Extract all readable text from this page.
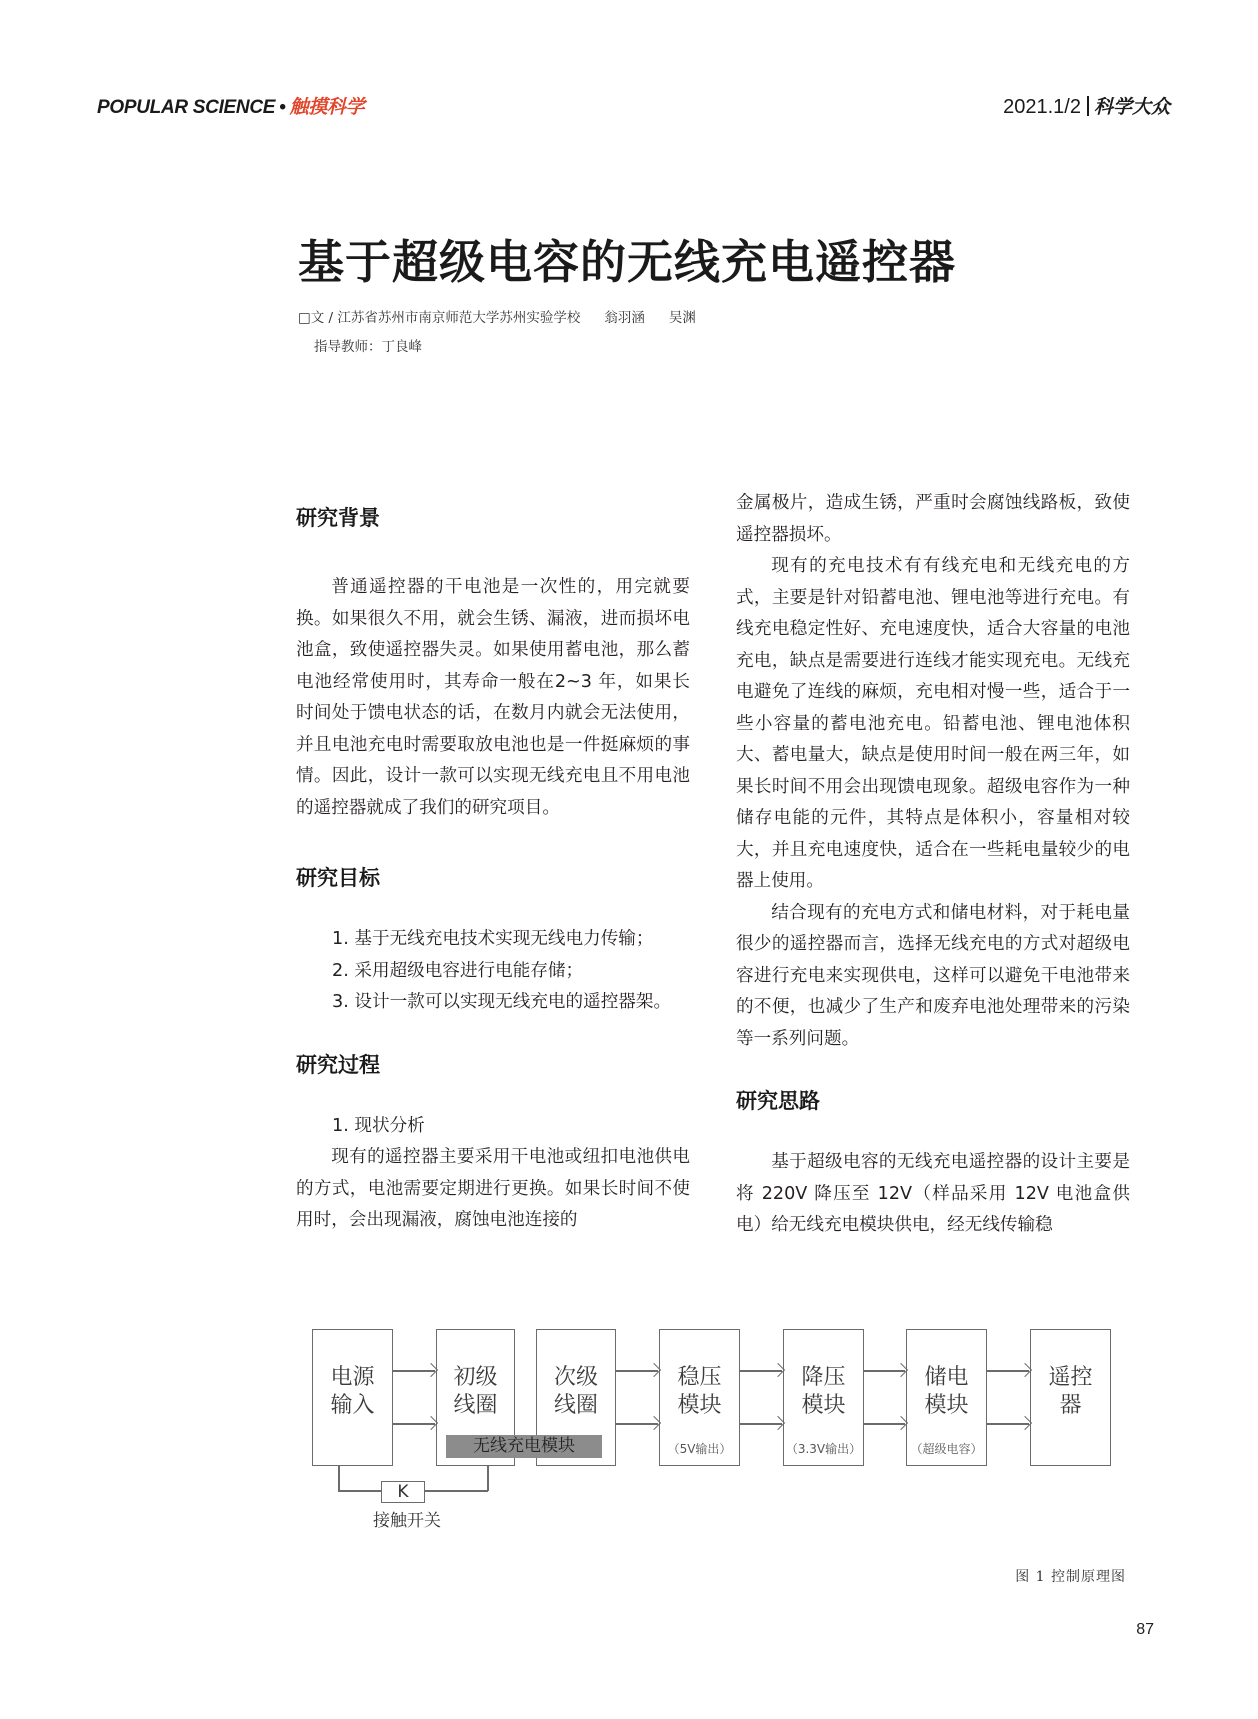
POPULAR SCIENCE • 触摸科学	2021.1/2 科学大众
基于超级电容的无线充电遥控器
□文 / 江苏省苏州市南京师范大学苏州实验学校 翁羽涵 吴渊
指导教师：丁良峰
研究背景

普通遥控器的干电池是一次性的，用完就要换。如果很久不用，就会生锈、漏液，进而损坏电池盒，致使遥控器失灵。如果使用蓄电池，那么蓄电池经常使用时，其寿命一般在2~3 年，如果长时间处于馈电状态的话，在数月内就会无法使用，并且电池充电时需要取放电池也是一件挺麻烦的事情。因此，设计一款可以实现无线充电且不用电池的遥控器就成了我们的研究项目。

研究目标

1. 基于无线充电技术实现无线电力传输；

2. 采用超级电容进行电能存储；

3. 设计一款可以实现无线充电的遥控器架。

研究过程

1. 现状分析

现有的遥控器主要采用干电池或纽扣电池供电的方式，电池需要定期进行更换。如果长时间不使用时，会出现漏液，腐蚀电池连接的

金属极片，造成生锈，严重时会腐蚀线路板，致使遥控器损坏。

现有的充电技术有有线充电和无线充电的方式，主要是针对铅蓄电池、锂电池等进行充电。有线充电稳定性好、充电速度快，适合大容量的电池充电，缺点是需要进行连线才能实现充电。无线充电避免了连线的麻烦，充电相对慢一些，适合于一些小容量的蓄电池充电。铅蓄电池、锂电池体积大、蓄电量大，缺点是使用时间一般在两三年，如果长时间不用会出现馈电现象。超级电容作为一种储存电能的元件，其特点是体积小，容量相对较大，并且充电速度快，适合在一些耗电量较少的电器上使用。

结合现有的充电方式和储电材料，对于耗电量很少的遥控器而言，选择无线充电的方式对超级电容进行充电来实现供电，这样可以避免干电池带来的不便，也减少了生产和废弃电池处理带来的污染等一系列问题。

研究思路

基于超级电容的无线充电遥控器的设计主要是将 220V 降压至 12V（样品采用 12V 电池盒供电）给无线充电模块供电，经无线传输稳

电源
输入
初级
线圈
次级
线圈
稳压
模块
（5V输出）
降压
模块
（3.3V输出）
储电
模块
（超级电容）
遥控
器
无线充电模块
K
接触开关
图 1 控制原理图
87
